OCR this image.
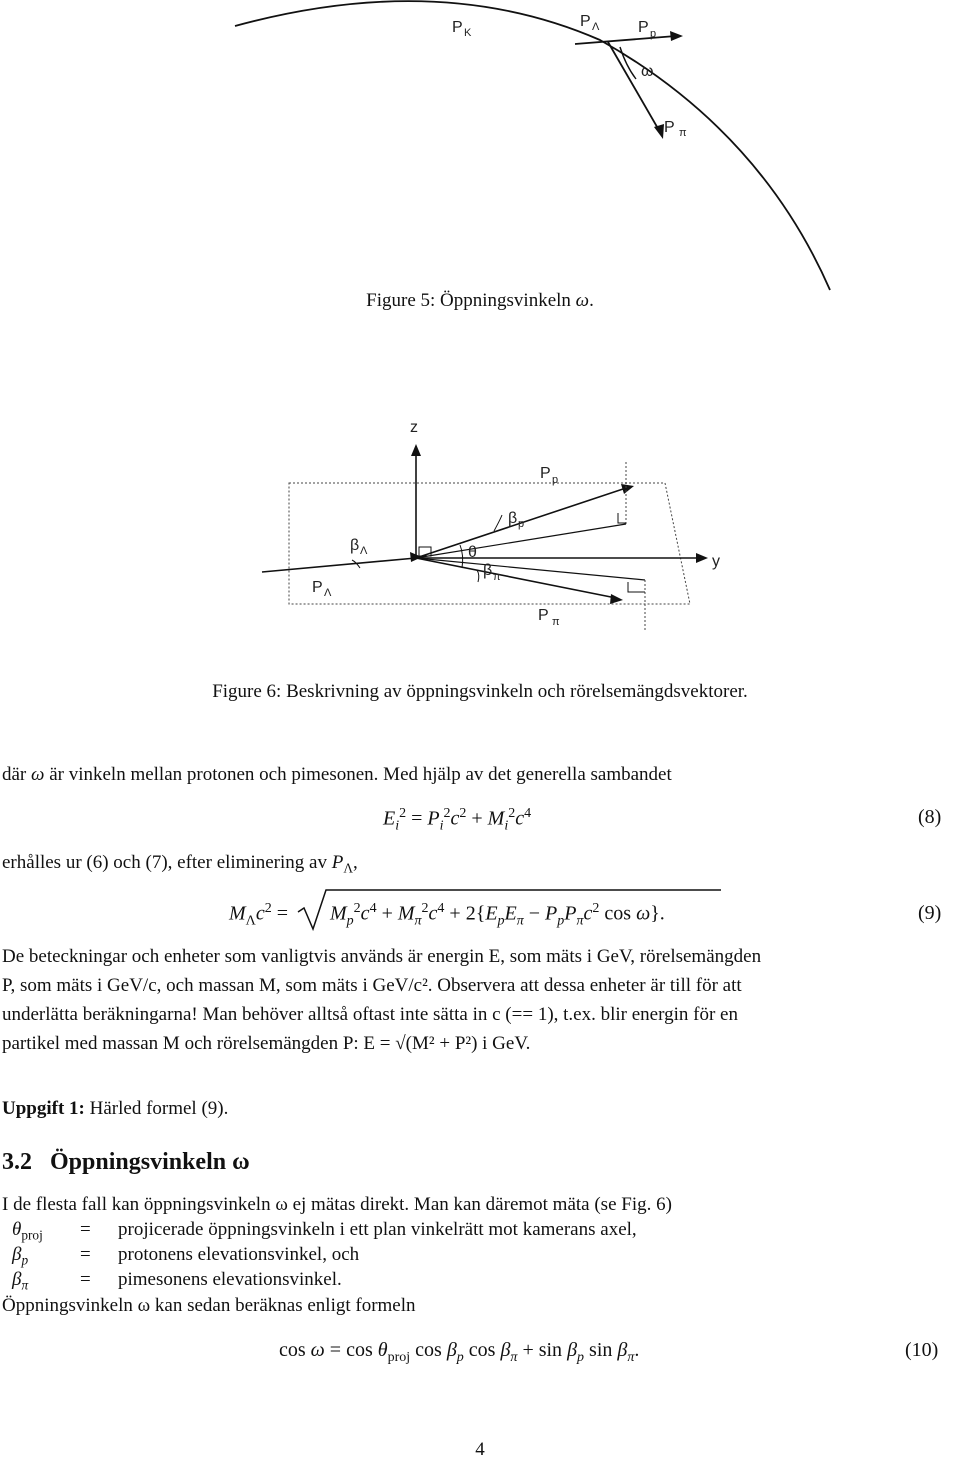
P K
P Λ P p
ω
P π
Figure 5: Öppningsvinkeln ω.
z
y
P p
β p
β Λ	θ
β π
P Λ
P π
Figure 6: Beskrivning av öppningsvinkeln och rörelsemängdsvektorer.
där ω är vinkeln mellan protonen och pimesonen. Med hjälp av det generella sambandet
$E_i^2 = P_i^2c^2 + M_i^2c^4$	(8)
erhålles ur (6) och (7), efter eliminering av $P_\Lambda$,
$M_\Lambda c^2 = M_p^2c^4 + M_\pi^2c^4 + 2\{E_pE_\pi - P_pP_\pi c^2$ cos ω}.	(9)
De beteckningar och enheter som vanligtvis används är energin E, som mäts i GeV, rörelsemängden
P, som mäts i GeV/c, och massan M, som mäts i GeV/c². Observera att dessa enheter är till för att
underlätta beräkningarna! Man behöver alltså oftast inte sätta in c (== 1), t.ex. blir energin för en
partikel med massan M och rörelsemängden P: E = √(M² + P²) i GeV.
Uppgift 1: Härled formel (9).
3.2 Öppningsvinkeln ω
I de flesta fall kan öppningsvinkeln ω ej mätas direkt. Man kan däremot mäta (se Fig. 6)
$\theta_{proj}$ = projicerade öppningsvinkeln i ett plan vinkelrätt mot kamerans axel,
$\beta_p$	= protonens elevationsvinkel, och
$\beta_\pi$	= pimesonens elevationsvinkel.
Öppningsvinkeln ω kan sedan beräknas enligt formeln
$\cos \omega = \cos \theta_{proj}$ $\cos \beta_p$ $\cos \beta_\pi + \sin \beta_p$ $\sin \beta_\pi$.	(10)
4
